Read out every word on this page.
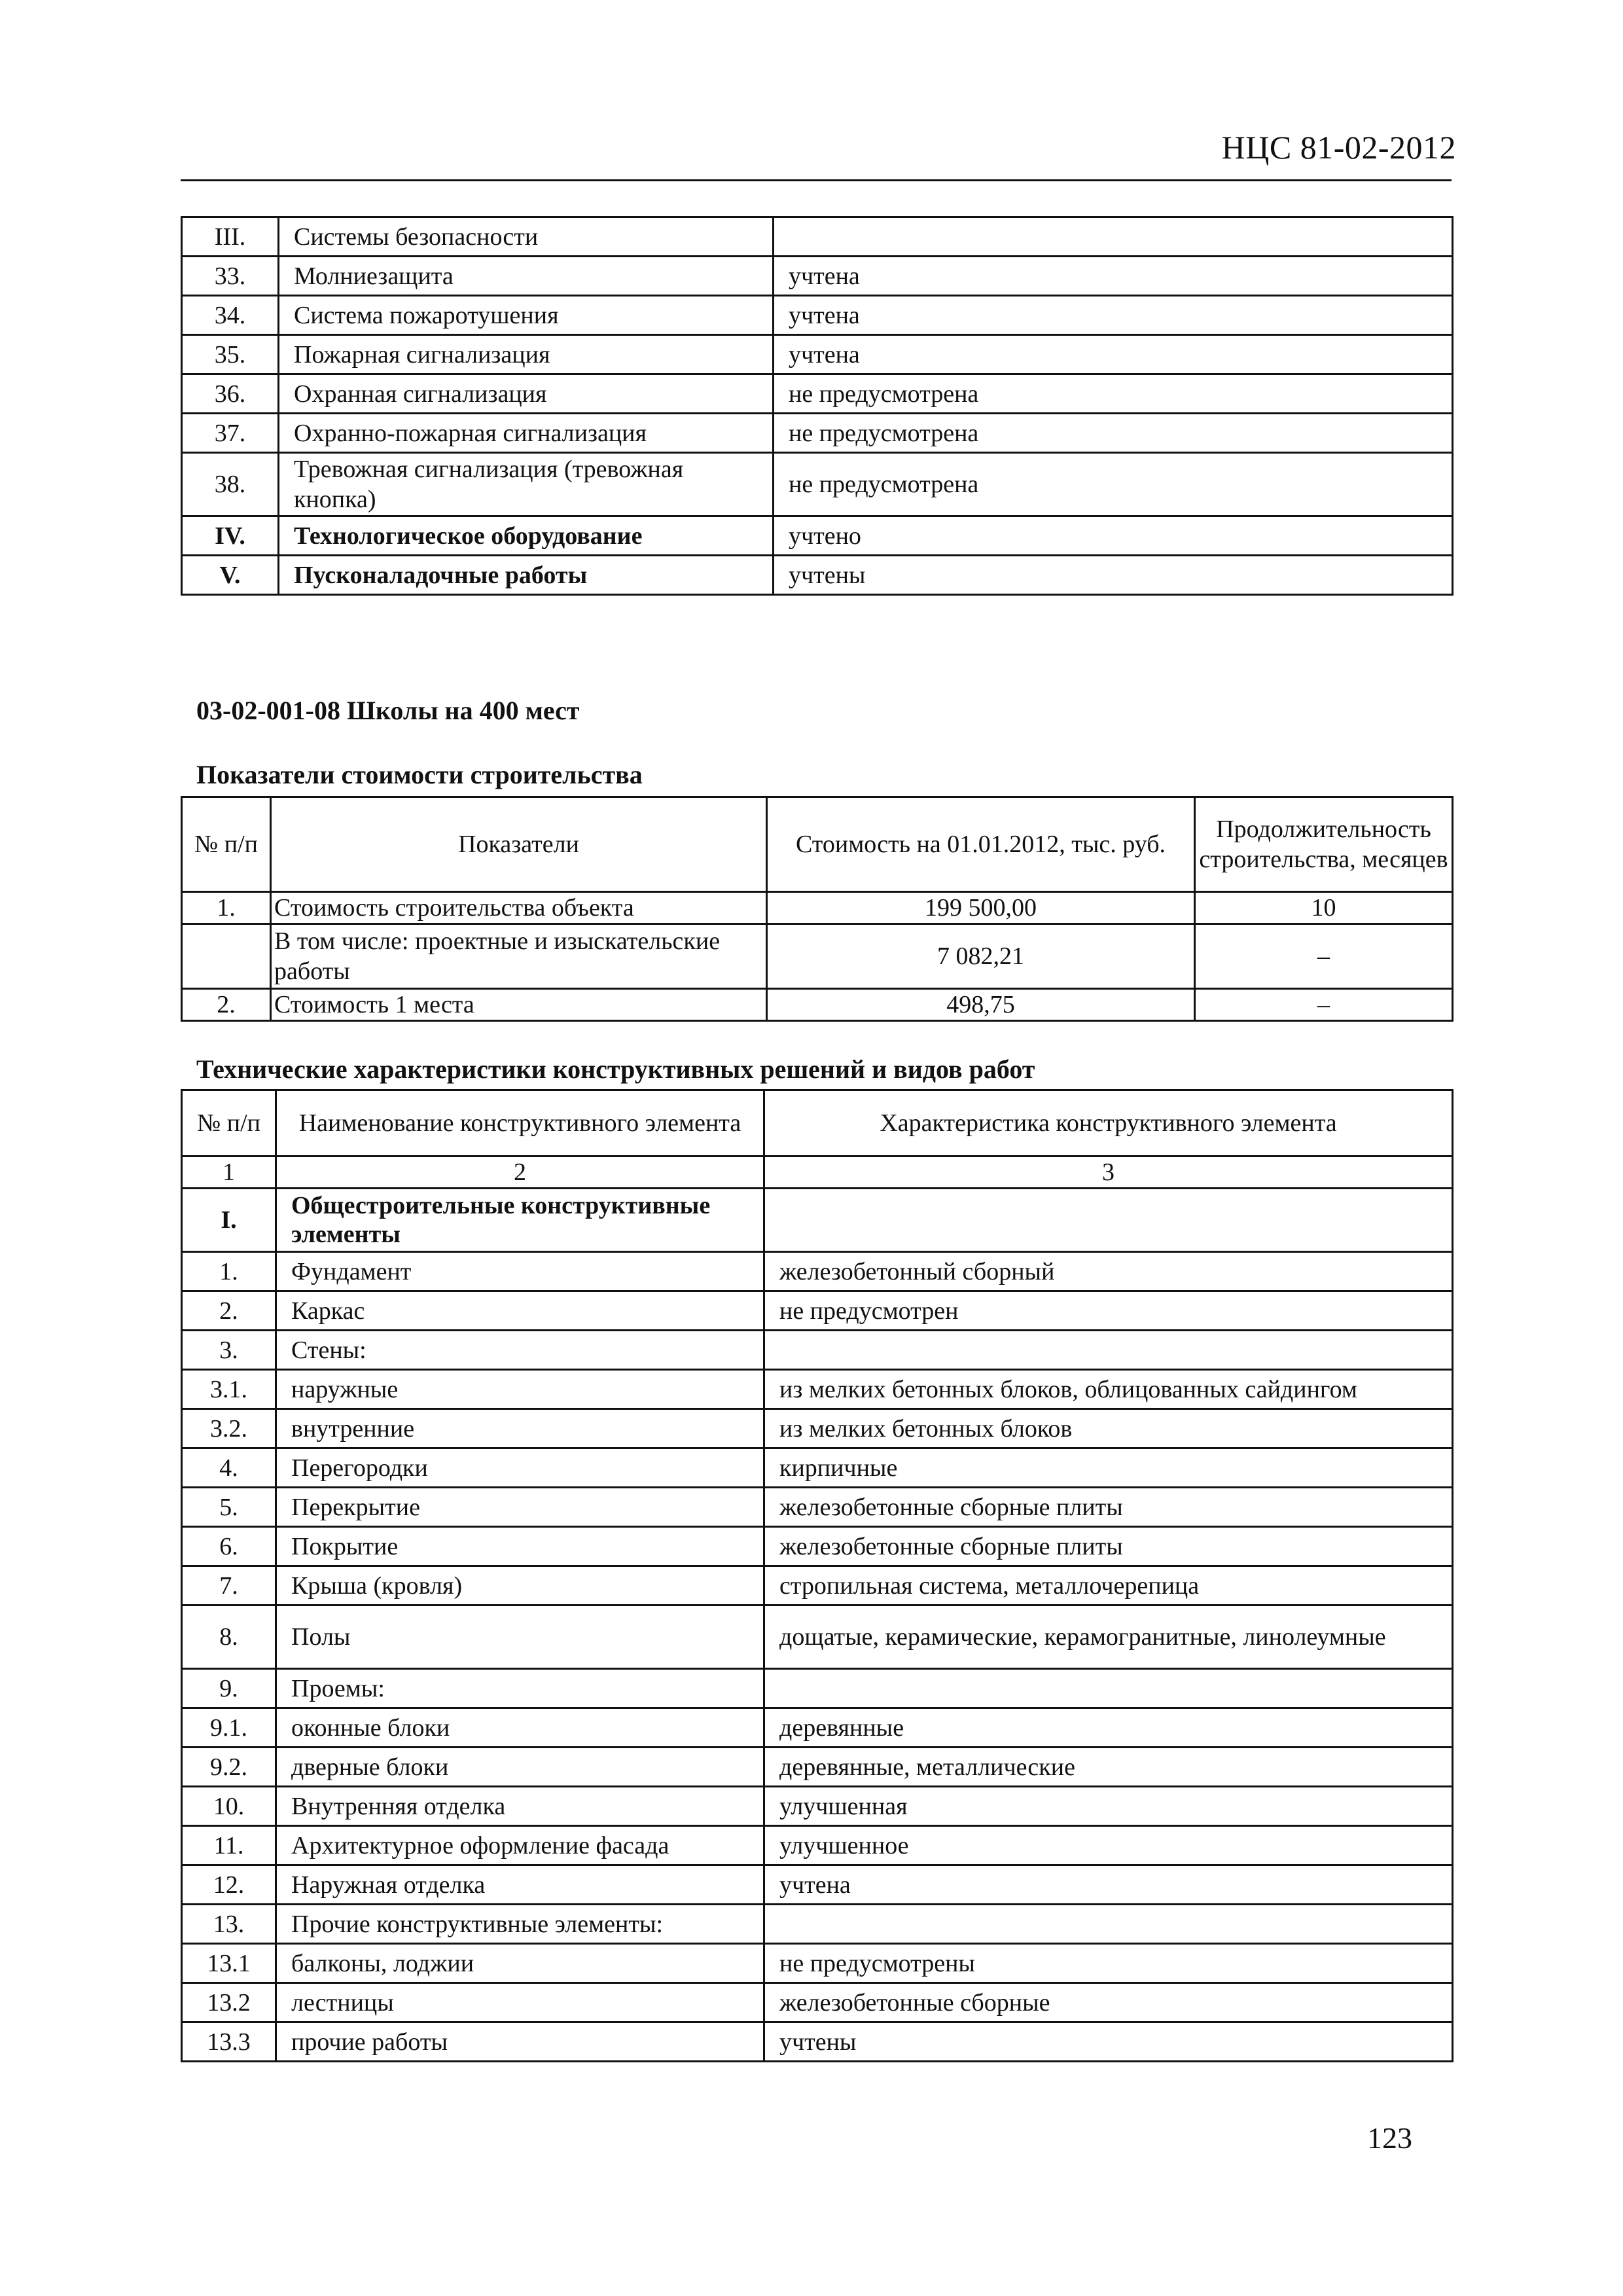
НЦС 81-02-2012
III.	Системы безопасности	
33.	Молниезащита	учтена
34.	Система пожаротушения	учтена
35.	Пожарная сигнализация	учтена
36.	Охранная сигнализация	не предусмотрена
37.	Охранно-пожарная сигнализация	не предусмотрена
38.	Тревожная сигнализация (тревожная кнопка)	не предусмотрена
IV.	Технологическое оборудование	учтено
V.	Пусконаладочные работы	учтены
03-02-001-08 Школы на 400 мест
Показатели стоимости строительства
№ п/п	Показатели	Стоимость на 01.01.2012, тыс. руб.	Продолжительность строительства, месяцев
1.	Стоимость строительства объекта	199 500,00	10
	В том числе: проектные и изыскательские работы	7 082,21	–
2.	Стоимость 1 места	498,75	–
Технические характеристики конструктивных решений и видов работ
№ п/п	Наименование конструктивного элемента	Характеристика конструктивного элемента
1	2	3
I.	Общестроительные конструктивные элементы	
1.	Фундамент	железобетонный сборный
2.	Каркас	не предусмотрен
3.	Стены:	
3.1.	наружные	из мелких бетонных блоков, облицованных сайдингом
3.2.	внутренние	из мелких бетонных блоков
4.	Перегородки	кирпичные
5.	Перекрытие	железобетонные сборные плиты
6.	Покрытие	железобетонные сборные плиты
7.	Крыша (кровля)	стропильная система, металлочерепица
8.	Полы	дощатые, керамические, керамогранитные, линолеумные
9.	Проемы:	
9.1.	оконные блоки	деревянные
9.2.	дверные блоки	деревянные, металлические
10.	Внутренняя отделка	улучшенная
11.	Архитектурное оформление фасада	улучшенное
12.	Наружная отделка	учтена
13.	Прочие конструктивные элементы:	
13.1	балконы, лоджии	не предусмотрены
13.2	лестницы	железобетонные сборные
13.3	прочие работы	учтены
123
